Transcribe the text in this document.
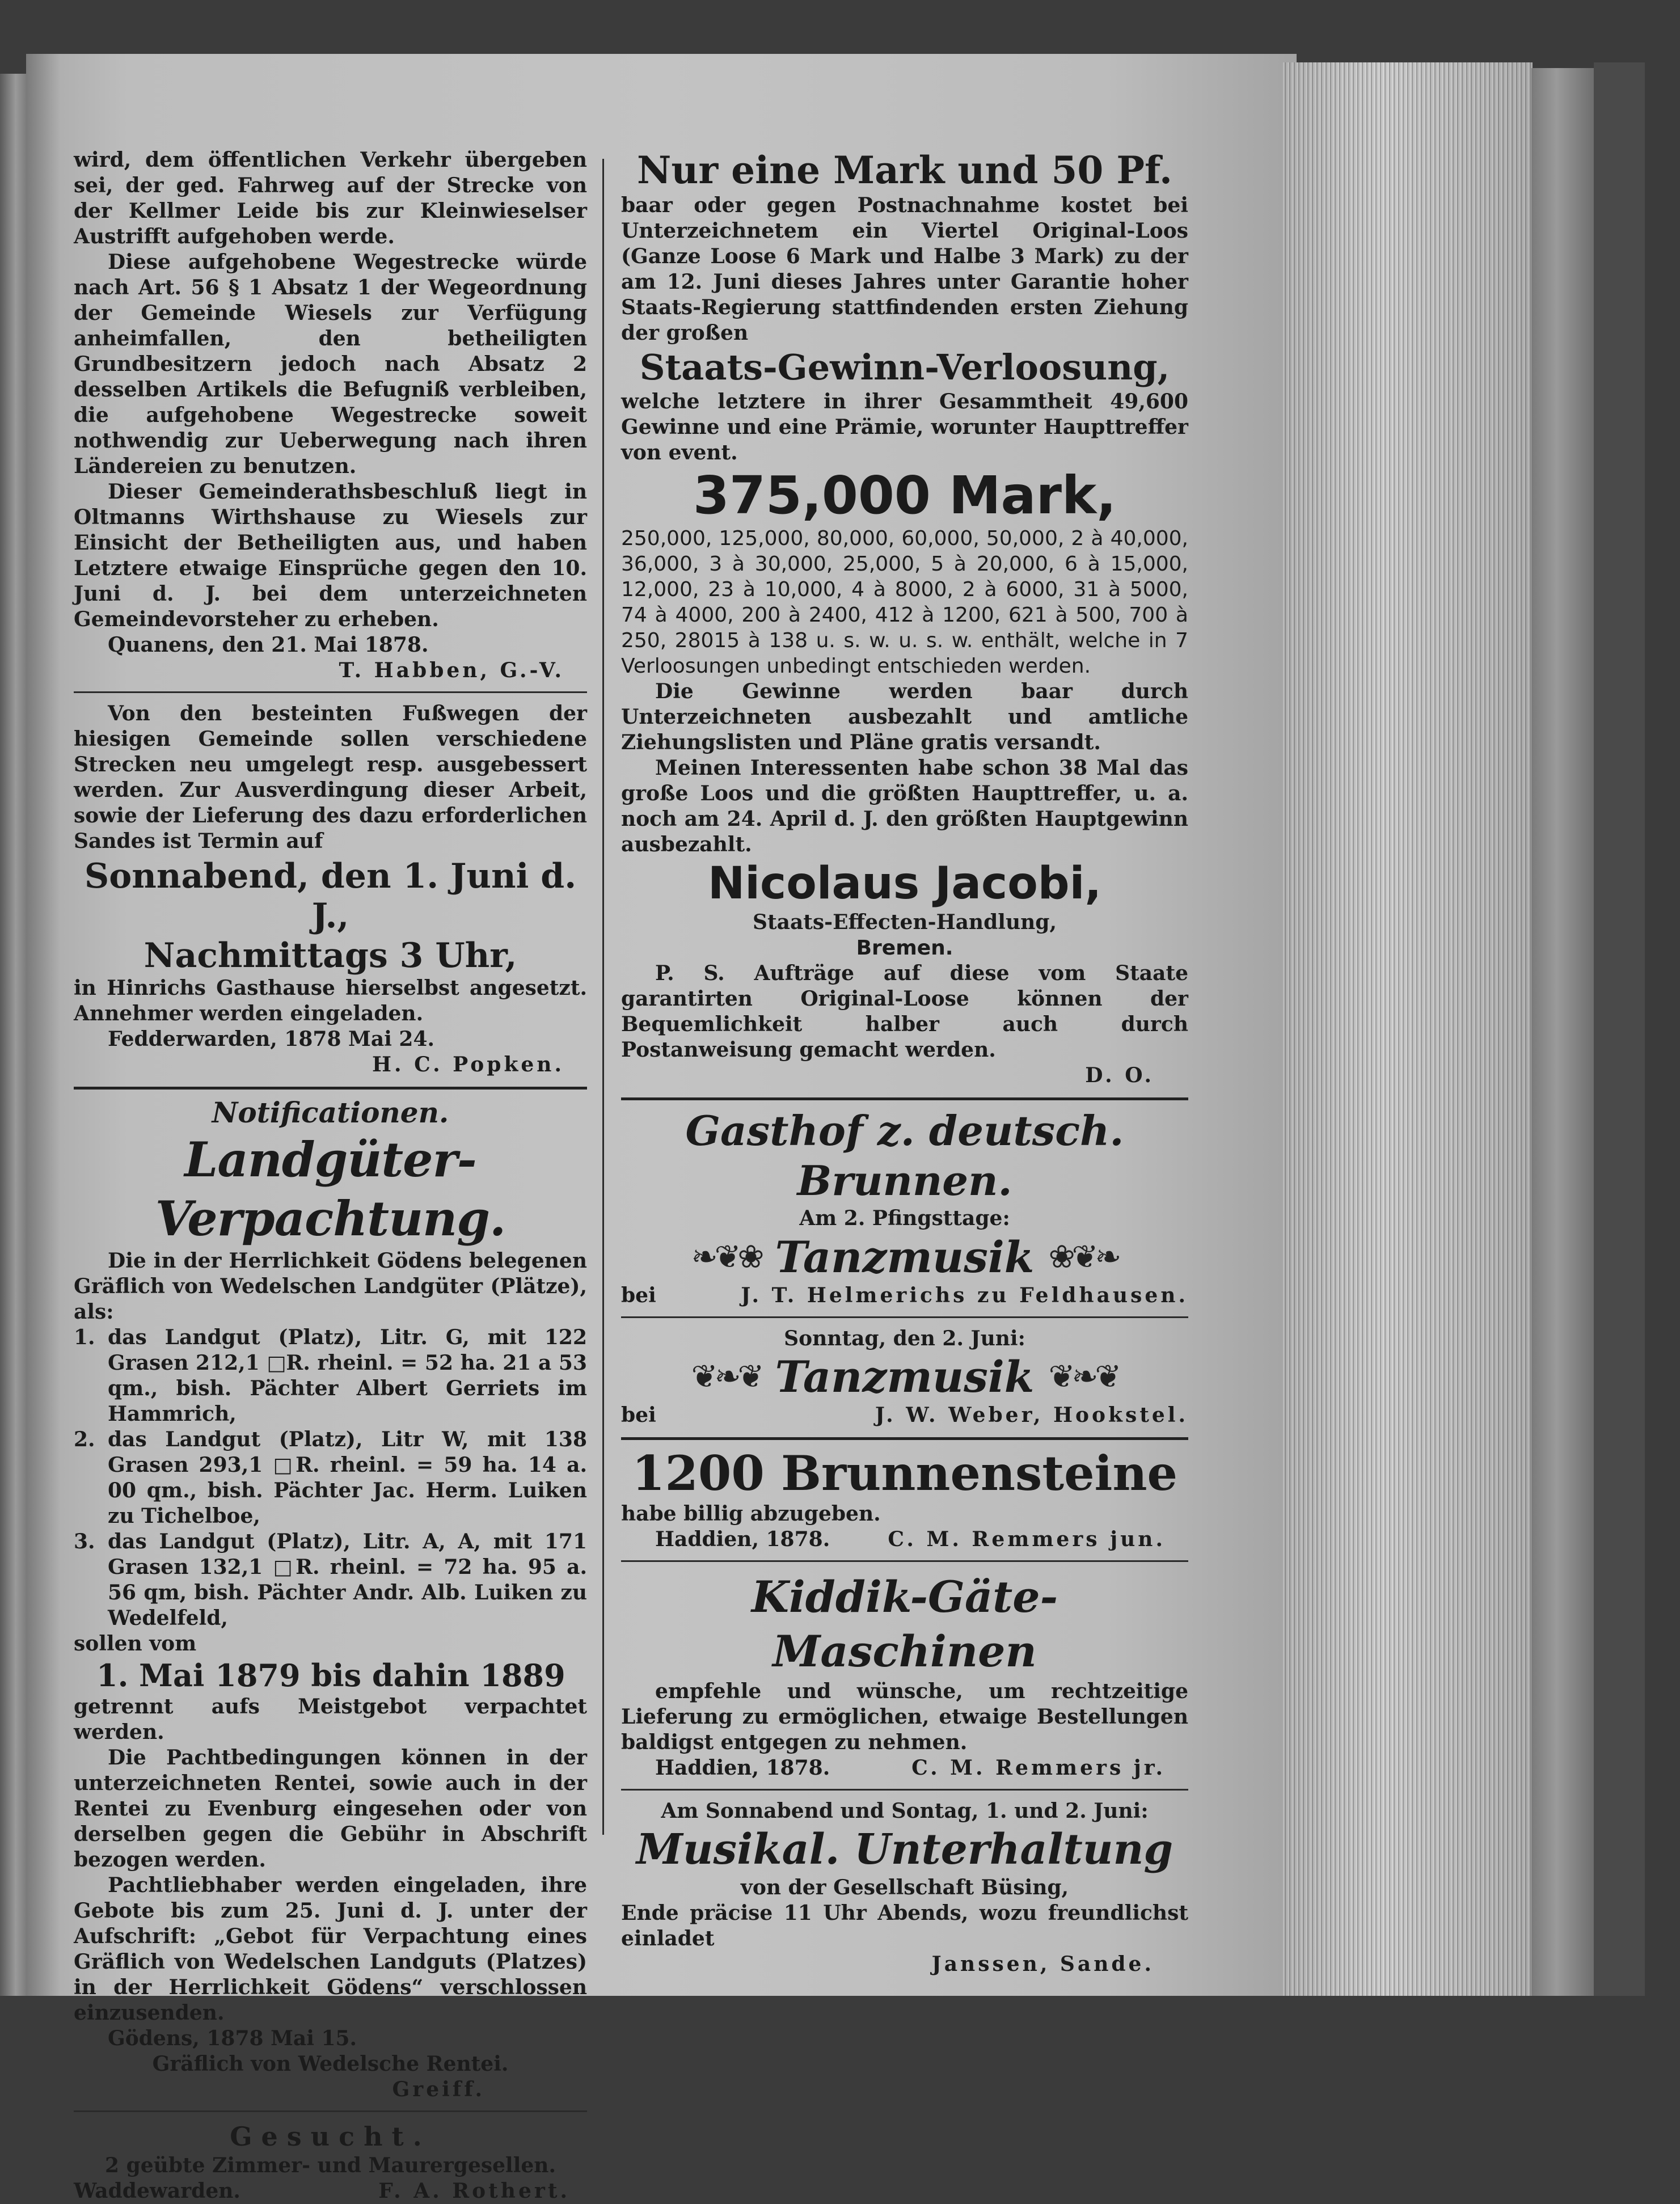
wird, dem öffentlichen Verkehr übergeben sei, der ged. Fahrweg auf der Strecke von der Kellmer Leide bis zur Kleinwieselser Austrifft aufgehoben werde.

Diese aufgehobene Wegestrecke würde nach Art. 56 § 1 Absatz 1 der Wegeordnung der Gemeinde Wiesels zur Verfügung anheimfallen, den betheiligten Grundbesitzern jedoch nach Absatz 2 desselben Artikels die Befugniß verbleiben, die aufgehobene Wegestrecke soweit nothwendig zur Ueberwegung nach ihren Ländereien zu benutzen.

Dieser Gemeinderathsbeschluß liegt in Oltmanns Wirthshause zu Wiesels zur Einsicht der Betheiligten aus, und haben Letztere etwaige Einsprüche gegen den 10. Juni d. J. bei dem unterzeichneten Gemeindevorsteher zu erheben.

Quanens, den 21. Mai 1878.

T. Habben, G.-V.

Von den besteinten Fußwegen der hiesigen Gemeinde sollen verschiedene Strecken neu umgelegt resp. ausgebessert werden. Zur Ausverdingung dieser Arbeit, sowie der Lieferung des dazu erforderlichen Sandes ist Termin auf

Sonnabend, den 1. Juni d. J.,

Nachmittags 3 Uhr,

in Hinrichs Gasthause hierselbst angesetzt. Annehmer werden eingeladen.

Fedderwarden, 1878 Mai 24.

H. C. Popken.

Notificationen.

Landgüter-Verpachtung.

Die in der Herrlichkeit Gödens belegenen Gräflich von Wedelschen Landgüter (Plätze), als:

1. das Landgut (Platz), Litr. G, mit 122 Grasen 212,1 □R. rheinl. = 52 ha. 21 a 53 qm., bish. Pächter Albert Gerriets im Hammrich,
2. das Landgut (Platz), Litr W, mit 138 Grasen 293,1 □R. rheinl. = 59 ha. 14 a. 00 qm., bish. Pächter Jac. Herm. Luiken zu Tichelboe,
3. das Landgut (Platz), Litr. A, A, mit 171 Grasen 132,1 □R. rheinl. = 72 ha. 95 a. 56 qm, bish. Pächter Andr. Alb. Luiken zu Wedelfeld,

sollen vom

1. Mai 1879 bis dahin 1889

getrennt aufs Meistgebot verpachtet werden.

Die Pachtbedingungen können in der unterzeichneten Rentei, sowie auch in der Rentei zu Evenburg eingesehen oder von derselben gegen die Gebühr in Abschrift bezogen werden.

Pachtliebhaber werden eingeladen, ihre Gebote bis zum 25. Juni d. J. unter der Aufschrift: „Gebot für Verpachtung eines Gräflich von Wedelschen Landguts (Platzes) in der Herrlichkeit Gödens“ verschlossen einzusenden.

Gödens, 1878 Mai 15.

Gräflich von Wedelsche Rentei.

Greiff.

Gesucht.

2 geübte Zimmer- und Maurergesellen.

Waddewarden.	F. A. Rothert.

Nur eine Mark und 50 Pf.

baar oder gegen Postnachnahme kostet bei Unterzeichnetem ein Viertel Original-Loos (Ganze Loose 6 Mark und Halbe 3 Mark) zu der am 12. Juni dieses Jahres unter Garantie hoher Staats-Regierung stattfindenden ersten Ziehung der großen

Staats-Gewinn-Verloosung,

welche letztere in ihrer Gesammtheit 49,600 Gewinne und eine Prämie, worunter Haupttreffer von event.

375,000 Mark,

250,000, 125,000, 80,000, 60,000, 50,000, 2 à 40,000, 36,000, 3 à 30,000, 25,000, 5 à 20,000, 6 à 15,000, 12,000, 23 à 10,000, 4 à 8000, 2 à 6000, 31 à 5000, 74 à 4000, 200 à 2400, 412 à 1200, 621 à 500, 700 à 250, 28015 à 138 u. s. w. u. s. w. enthält, welche in 7 Verloosungen unbedingt entschieden werden.

Die Gewinne werden baar durch Unterzeichneten ausbezahlt und amtliche Ziehungslisten und Pläne gratis versandt.

Meinen Interessenten habe schon 38 Mal das große Loos und die größten Haupttreffer, u. a. noch am 24. April d. J. den größten Hauptgewinn ausbezahlt.

Nicolaus Jacobi,

Staats-Effecten-Handlung,

Bremen.

P. S. Aufträge auf diese vom Staate garantirten Original-Loose können der Bequemlichkeit halber auch durch Postanweisung gemacht werden.

D. O.

Gasthof z. deutsch. Brunnen.

Am 2. Pfingsttage:

❧❦❀ Tanzmusik ❀❦❧
bei	J. T. Helmerichs zu Feldhausen.

Sonntag, den 2. Juni:

❦❧❦ Tanzmusik ❦❧❦
bei	J. W. Weber, Hookstel.

1200 Brunnensteine

habe billig abzugeben.

Haddien, 1878.	C. M. Remmers jun.

Kiddik-Gäte-Maschinen

empfehle und wünsche, um rechtzeitige Lieferung zu ermöglichen, etwaige Bestellungen baldigst entgegen zu nehmen.

Haddien, 1878.	C. M. Remmers jr.

Am Sonnabend und Sontag, 1. und 2. Juni:

Musikal. Unterhaltung

von der Gesellschaft Büsing,

Ende präcise 11 Uhr Abends, wozu freundlichst einladet

Janssen, Sande.
